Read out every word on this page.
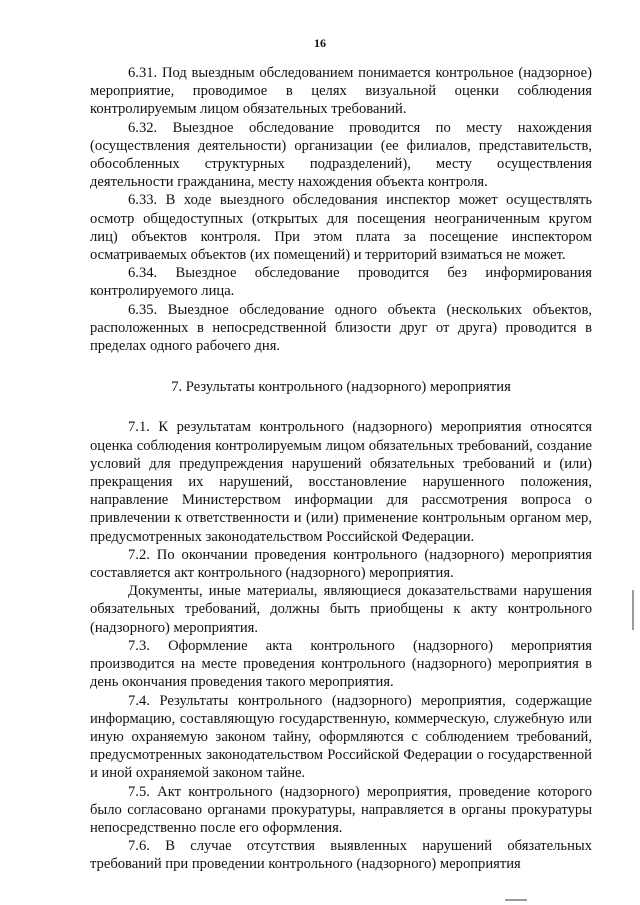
16

6.31. Под выездным обследованием понимается контрольное (надзорное) мероприятие, проводимое в целях визуальной оценки соблюдения контролируемым лицом обязательных требований.

6.32. Выездное обследование проводится по месту нахождения (осуществления деятельности) организации (ее филиалов, представительств, обособленных структурных подразделений), месту осуществления деятельности гражданина, месту нахождения объекта контроля.

6.33. В ходе выездного обследования инспектор может осуществлять осмотр общедоступных (открытых для посещения неограниченным кругом лиц) объектов контроля. При этом плата за посещение инспектором осматриваемых объектов (их помещений) и территорий взиматься не может.

6.34. Выездное обследование проводится без информирования контролируемого лица.

6.35. Выездное обследование одного объекта (нескольких объектов, расположенных в непосредственной близости друг от друга) проводится в пределах одного рабочего дня.

7. Результаты контрольного (надзорного) мероприятия

7.1. К результатам контрольного (надзорного) мероприятия относятся оценка соблюдения контролируемым лицом обязательных требований, создание условий для предупреждения нарушений обязательных требований и (или) прекращения их нарушений, восстановление нарушенного положения, направление Министерством информации для рассмотрения вопроса о привлечении к ответственности и (или) применение контрольным органом мер, предусмотренных законодательством Российской Федерации.

7.2. По окончании проведения контрольного (надзорного) мероприятия составляется акт контрольного (надзорного) мероприятия.

Документы, иные материалы, являющиеся доказательствами нарушения обязательных требований, должны быть приобщены к акту контрольного (надзорного) мероприятия.

7.3. Оформление акта контрольного (надзорного) мероприятия производится на месте проведения контрольного (надзорного) мероприятия в день окончания проведения такого мероприятия.

7.4. Результаты контрольного (надзорного) мероприятия, содержащие информацию, составляющую государственную, коммерческую, служебную или иную охраняемую законом тайну, оформляются с соблюдением требований, предусмотренных законодательством Российской Федерации о государственной и иной охраняемой законом тайне.

7.5. Акт контрольного (надзорного) мероприятия, проведение которого было согласовано органами прокуратуры, направляется в органы прокуратуры непосредственно после его оформления.

7.6. В случае отсутствия выявленных нарушений обязательных требований при проведении контрольного (надзорного) мероприятия
